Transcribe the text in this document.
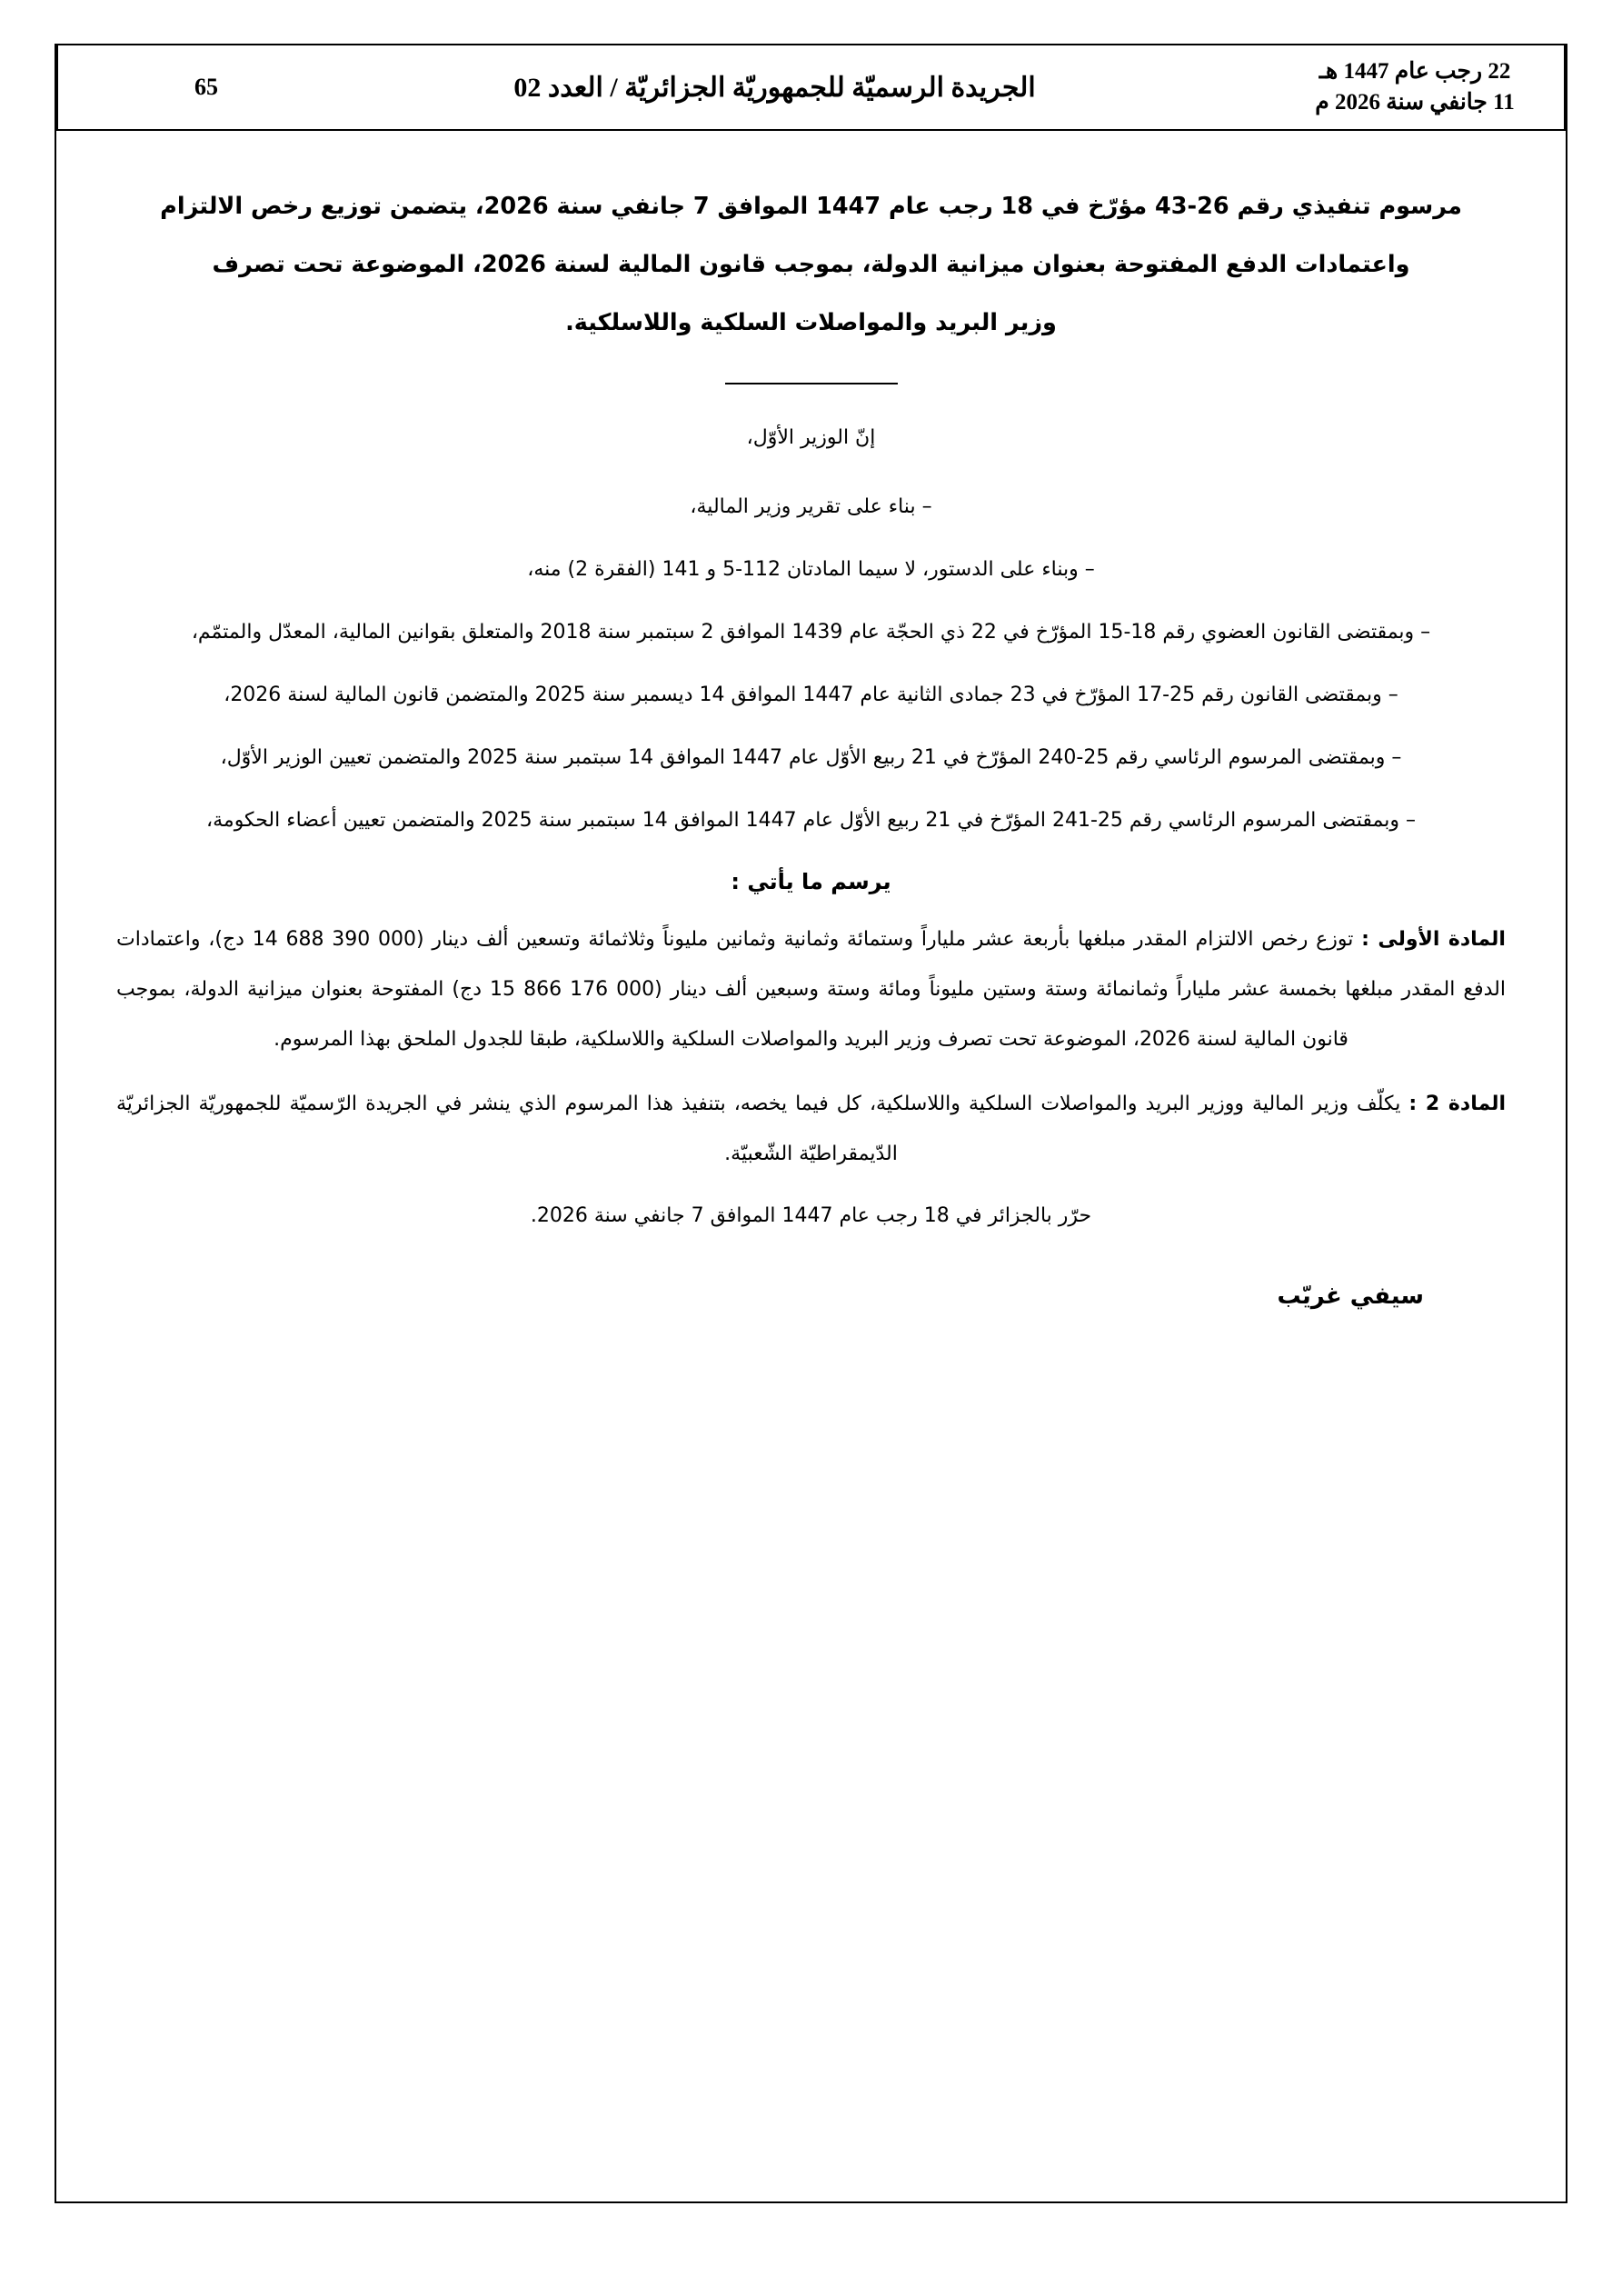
22 رجب عام 1447 هـ
11 جانفي سنة 2026 م
الجريدة الرسميّة للجمهوريّة الجزائريّة / العدد 02
65
مرسوم تنفيذي رقم 26-43 مؤرّخ في 18 رجب عام 1447 الموافق 7 جانفي سنة 2026، يتضمن توزيع رخص الالتزام
واعتمادات الدفع المفتوحة بعنوان ميزانية الدولة، بموجب قانون المالية لسنة 2026، الموضوعة تحت تصرف
وزير البريد والمواصلات السلكية واللاسلكية.
إنّ الوزير الأوّل،
– بناء على تقرير وزير المالية،
– وبناء على الدستور، لا سيما المادتان 112-5 و 141 (الفقرة 2) منه،
– وبمقتضى القانون العضوي رقم 18-15 المؤرّخ في 22 ذي الحجّة عام 1439 الموافق 2 سبتمبر سنة 2018 والمتعلق بقوانين المالية، المعدّل والمتمّم،
– وبمقتضى القانون رقم 25-17 المؤرّخ في 23 جمادى الثانية عام 1447 الموافق 14 ديسمبر سنة 2025 والمتضمن قانون المالية لسنة 2026،
– وبمقتضى المرسوم الرئاسي رقم 25-240 المؤرّخ في 21 ربيع الأوّل عام 1447 الموافق 14 سبتمبر سنة 2025 والمتضمن تعيين الوزير الأوّل،
– وبمقتضى المرسوم الرئاسي رقم 25-241 المؤرّخ في 21 ربيع الأوّل عام 1447 الموافق 14 سبتمبر سنة 2025 والمتضمن تعيين أعضاء الحكومة،
يرسم ما يأتي :
المادة الأولى : توزع رخص الالتزام المقدر مبلغها بأربعة عشر ملياراً وستمائة وثمانية وثمانين مليوناً وثلاثمائة وتسعين ألف دينار (000 390 688 14 دج)، واعتمادات الدفع المقدر مبلغها بخمسة عشر ملياراً وثمانمائة وستة وستين مليوناً ومائة وستة وسبعين ألف دينار (000 176 866 15 دج) المفتوحة بعنوان ميزانية الدولة، بموجب قانون المالية لسنة 2026، الموضوعة تحت تصرف وزير البريد والمواصلات السلكية واللاسلكية، طبقا للجدول الملحق بهذا المرسوم.
المادة 2 : يكلّف وزير المالية ووزير البريد والمواصلات السلكية واللاسلكية، كل فيما يخصه، بتنفيذ هذا المرسوم الذي ينشر في الجريدة الرّسميّة للجمهوريّة الجزائريّة الدّيمقراطيّة الشّعبيّة.
حرّر بالجزائر في 18 رجب عام 1447 الموافق 7 جانفي سنة 2026.
سيفي غريّب
